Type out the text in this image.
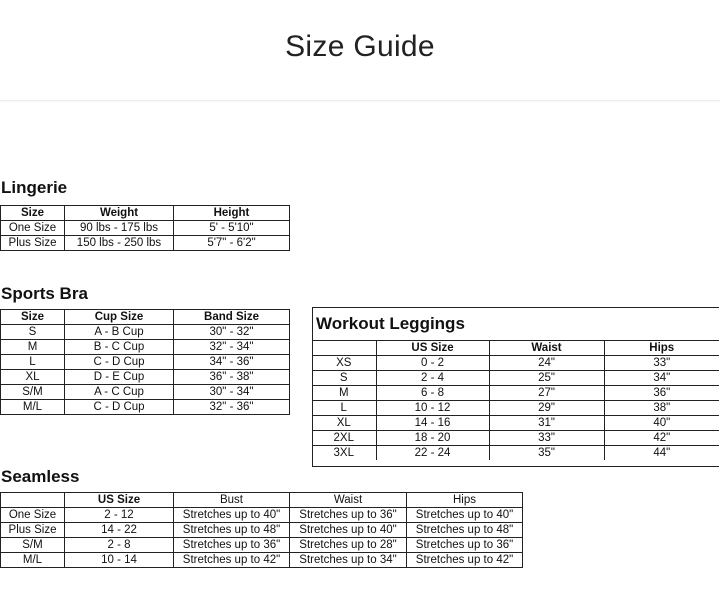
Size Guide
Lingerie
Size	Weight	Height
One Size	90 lbs - 175 lbs	5' - 5'10"
Plus Size	150 lbs - 250 lbs	5'7" - 6'2"
Sports Bra
Size	Cup Size	Band Size
S	A - B Cup	30" - 32"
M	B - C Cup	32" - 34"
L	C - D Cup	34" - 36"
XL	D - E Cup	36" - 38"
S/M	A - C Cup	30" - 34"
M/L	C - D Cup	32" - 36"
Workout Leggings
	US Size	Waist	Hips
XS	0 - 2	24"	33"
S	2 - 4	25"	34"
M	6 - 8	27"	36"
L	10 - 12	29"	38"
XL	14 - 16	31"	40"
2XL	18 - 20	33"	42"
3XL	22 - 24	35"	44"
Seamless
	US Size	Bust	Waist	Hips
One Size	2 - 12	Stretches up to 40"	Stretches up to 36"	Stretches up to 40"
Plus Size	14 - 22	Stretches up to 48"	Stretches up to 40"	Stretches up to 48"
S/M	2 - 8	Stretches up to 36"	Stretches up to 28"	Stretches up to 36"
M/L	10 - 14	Stretches up to 42"	Stretches up to 34"	Stretches up to 42"
